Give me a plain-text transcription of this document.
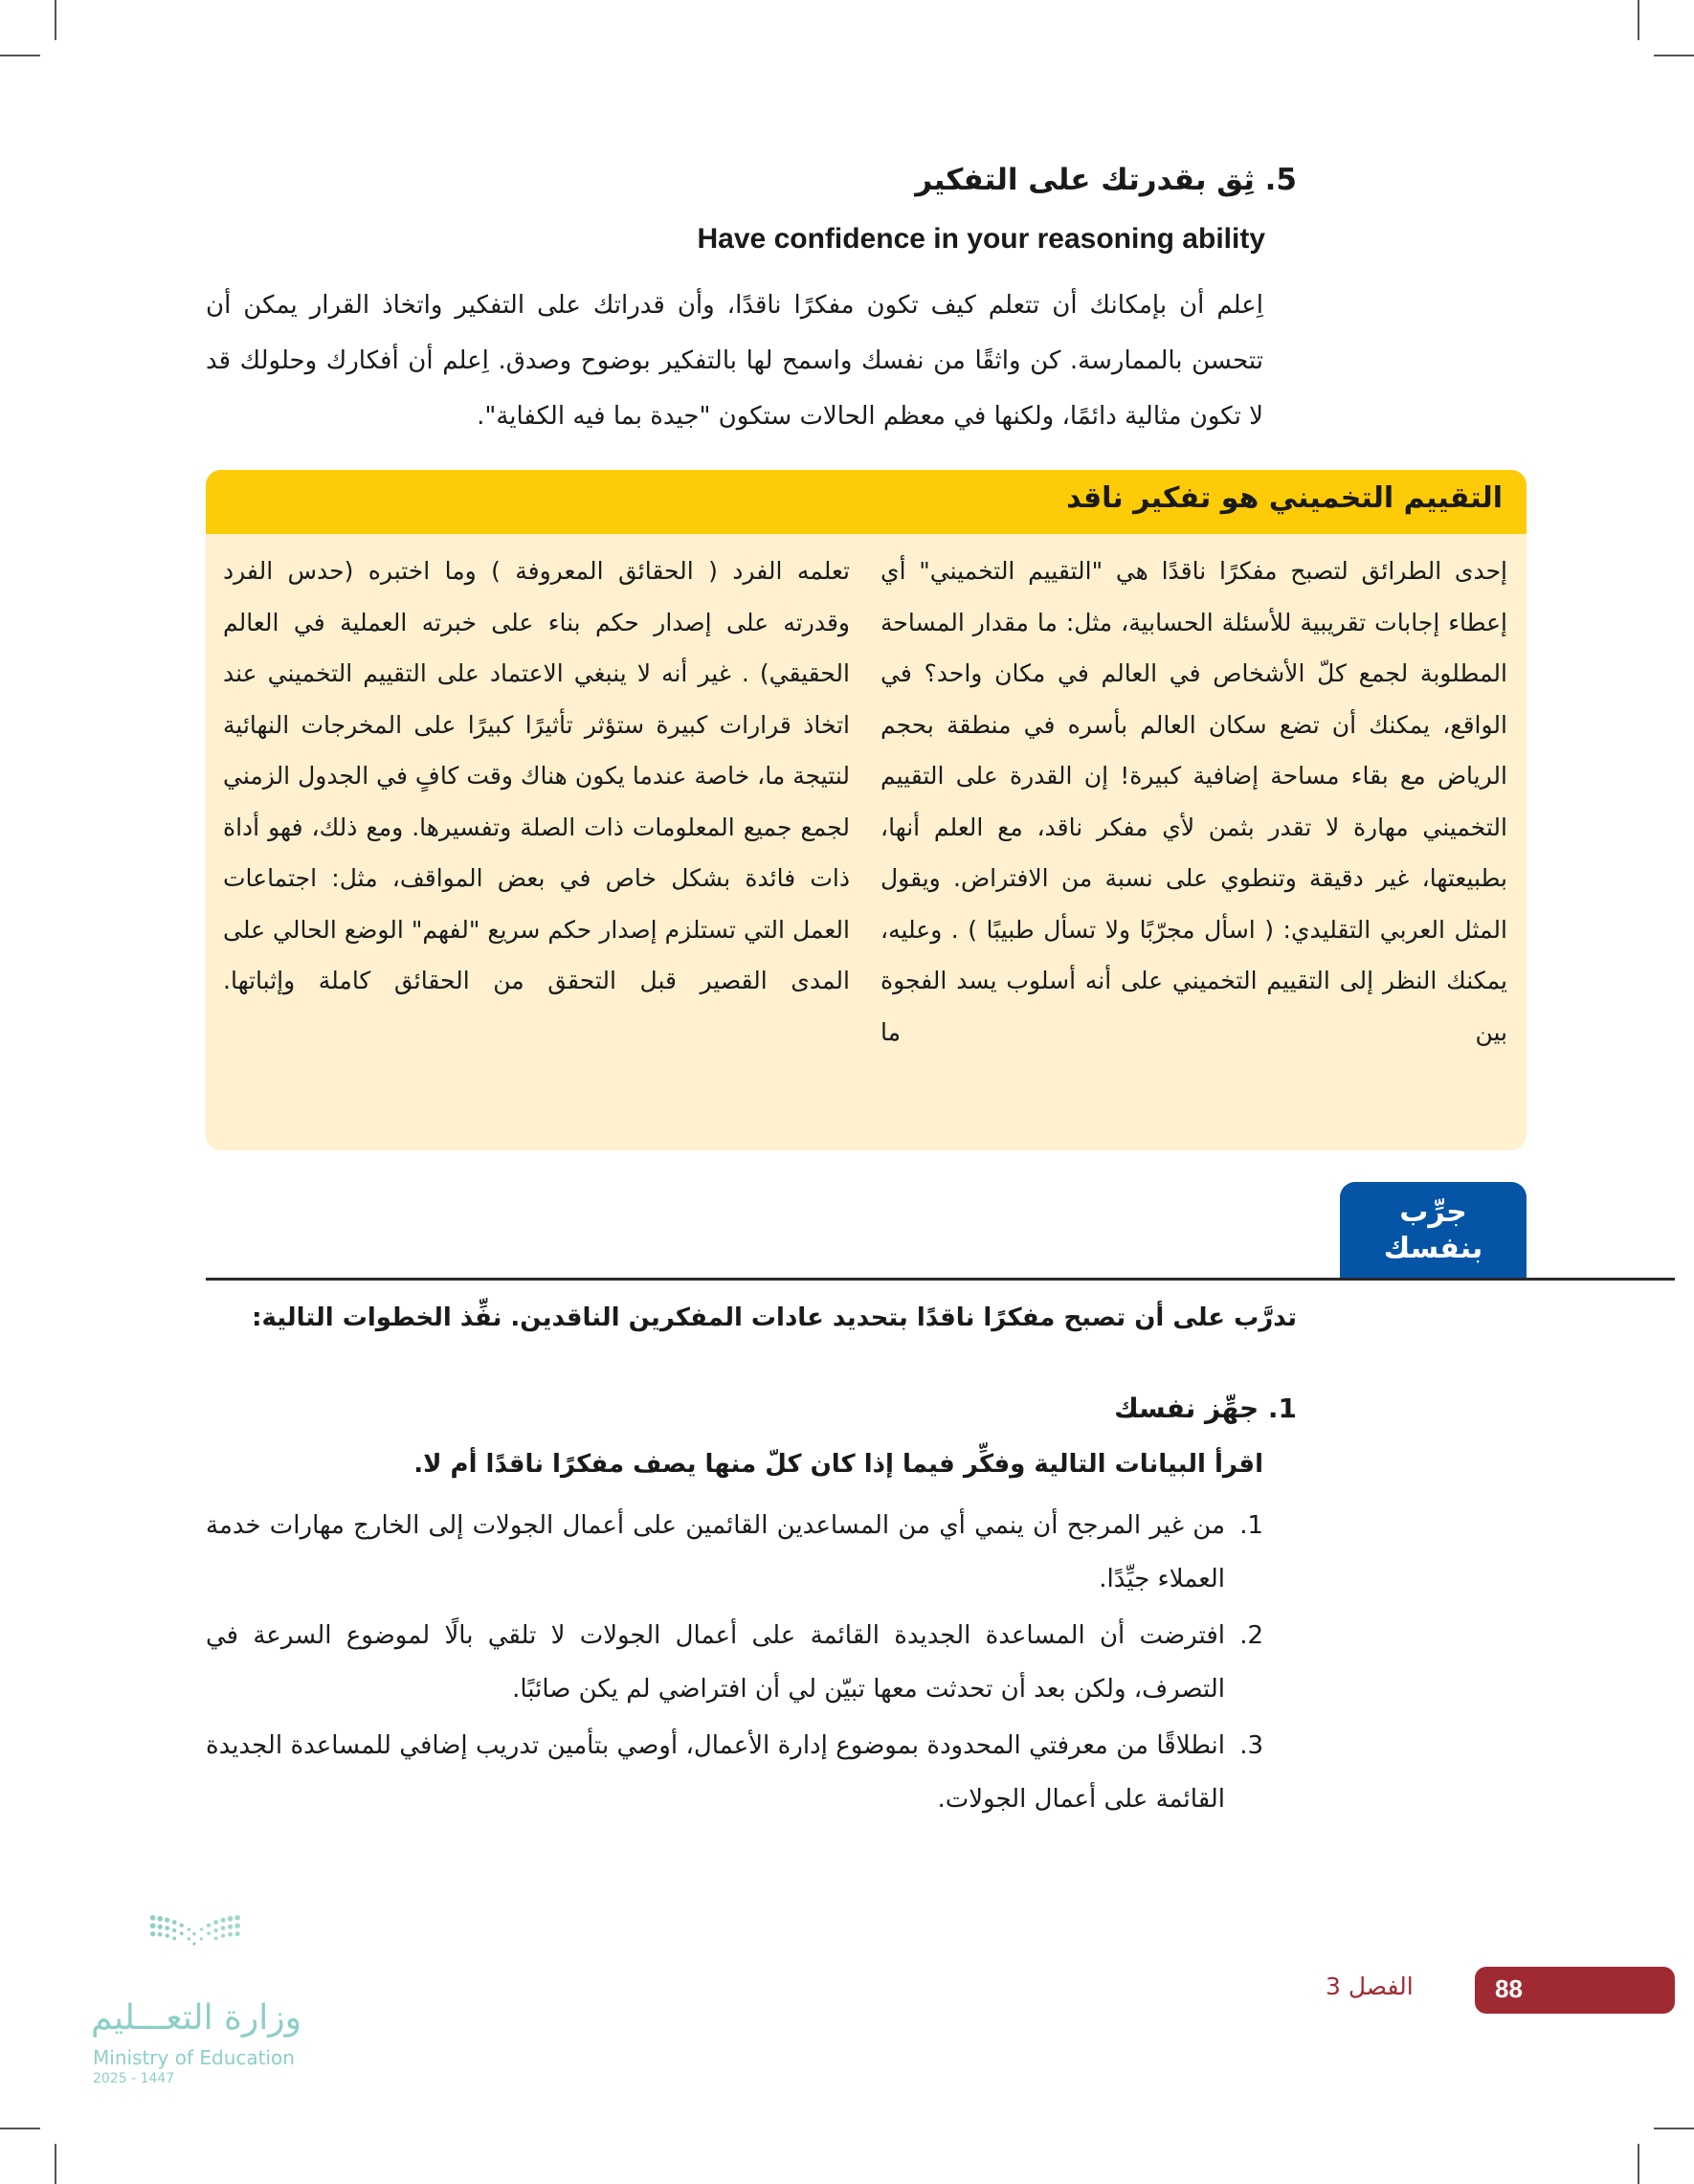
5. ثِق بقدرتك على التفكير
Have confidence in your reasoning ability
اِعلم أن بإمكانك أن تتعلم كيف تكون مفكرًا ناقدًا، وأن قدراتك على التفكير واتخاذ القرار يمكن أن تتحسن بالممارسة. كن واثقًا من نفسك واسمح لها بالتفكير بوضوح وصدق. اِعلم أن أفكارك وحلولك قد لا تكون مثالية دائمًا، ولكنها في معظم الحالات ستكون "جيدة بما فيه الكفاية".
التقييم التخميني هو تفكير ناقد

إحدى الطرائق لتصبح مفكرًا ناقدًا هي "التقييم التخميني" أي إعطاء إجابات تقريبية للأسئلة الحسابية، مثل: ما مقدار المساحة المطلوبة لجمع كلّ الأشخاص في العالم في مكان واحد؟ في الواقع، يمكنك أن تضع سكان العالم بأسره في منطقة بحجم الرياض مع بقاء مساحة إضافية كبيرة! إن القدرة على التقييم التخميني مهارة لا تقدر بثمن لأي مفكر ناقد، مع العلم أنها، بطبيعتها، غير دقيقة وتنطوي على نسبة من الافتراض. ويقول المثل العربي التقليدي: ( اسأل مجرّبًا ولا تسأل طبيبًا ) . وعليه، يمكنك النظر إلى التقييم التخميني على أنه أسلوب يسد الفجوة بين ما

تعلمه الفرد ( الحقائق المعروفة ) وما اختبره (حدس الفرد وقدرته على إصدار حكم بناء على خبرته العملية في العالم الحقيقي) . غير أنه لا ينبغي الاعتماد على التقييم التخميني عند اتخاذ قرارات كبيرة ستؤثر تأثيرًا كبيرًا على المخرجات النهائية لنتيجة ما، خاصة عندما يكون هناك وقت كافٍ في الجدول الزمني لجمع جميع المعلومات ذات الصلة وتفسيرها. ومع ذلك، فهو أداة ذات فائدة بشكل خاص في بعض المواقف، مثل: اجتماعات العمل التي تستلزم إصدار حكم سريع "لفهم" الوضع الحالي على المدى القصير قبل التحقق من الحقائق كاملة وإثباتها.

جرِّب
بنفسك
تدرَّب على أن تصبح مفكرًا ناقدًا بتحديد عادات المفكرين الناقدين. نفِّذ الخطوات التالية:
1. جهِّز نفسك
اقرأ البيانات التالية وفكِّر فيما إذا كان كلّ منها يصف مفكرًا ناقدًا أم لا.
1.
من غير المرجح أن ينمي أي من المساعدين القائمين على أعمال الجولات إلى الخارج مهارات خدمة العملاء جيِّدًا.
2.
افترضت أن المساعدة الجديدة القائمة على أعمال الجولات لا تلقي بالًا لموضوع السرعة في التصرف، ولكن بعد أن تحدثت معها تبيّن لي أن افتراضي لم يكن صائبًا.
3.
انطلاقًا من معرفتي المحدودة بموضوع إدارة الأعمال، أوصي بتأمين تدريب إضافي للمساعدة الجديدة القائمة على أعمال الجولات.
وزارة التعـــليم
Ministry of Education
2025 - 1447
88
الفصل 3
